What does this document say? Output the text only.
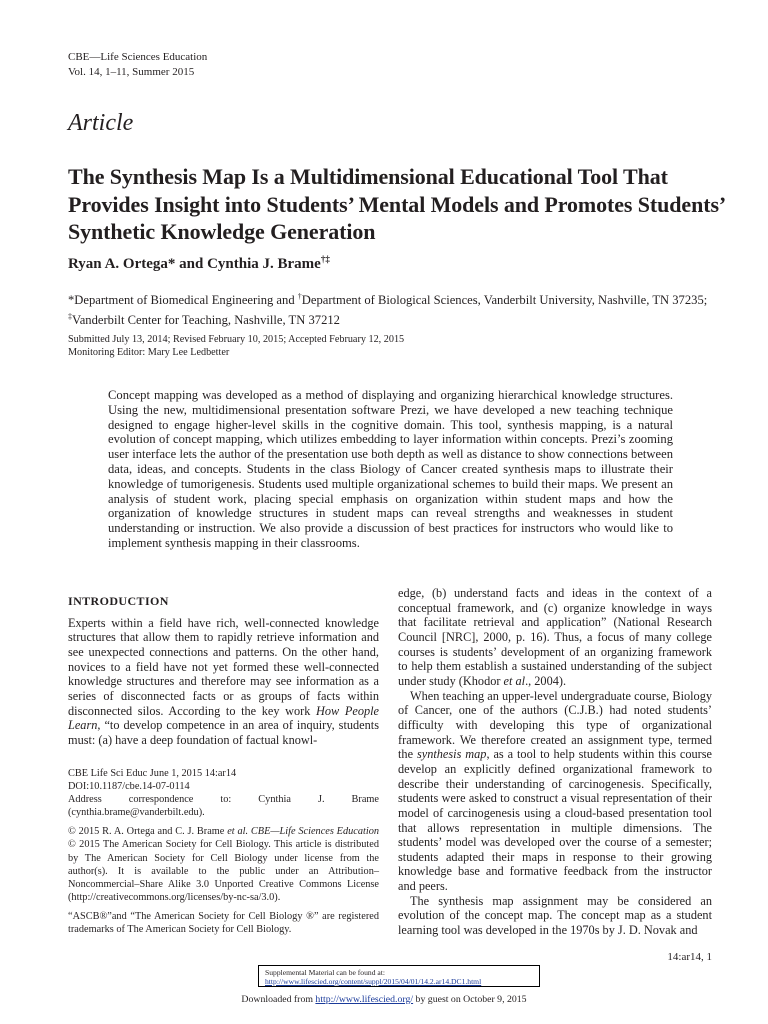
CBE—Life Sciences Education
Vol. 14, 1–11, Summer 2015
Article
The Synthesis Map Is a Multidimensional Educational Tool That Provides Insight into Students’ Mental Models and Promotes Students’ Synthetic Knowledge Generation
Ryan A. Ortega* and Cynthia J. Brame†‡
*Department of Biomedical Engineering and †Department of Biological Sciences, Vanderbilt University, Nashville, TN 37235; ‡Vanderbilt Center for Teaching, Nashville, TN 37212
Submitted July 13, 2014; Revised February 10, 2015; Accepted February 12, 2015
Monitoring Editor: Mary Lee Ledbetter
Concept mapping was developed as a method of displaying and organizing hierarchical knowledge structures. Using the new, multidimensional presentation software Prezi, we have developed a new teaching technique designed to engage higher-level skills in the cognitive domain. This tool, synthesis mapping, is a natural evolution of concept mapping, which utilizes embedding to layer information within concepts. Prezi’s zooming user interface lets the author of the presentation use both depth as well as distance to show connections between data, ideas, and concepts. Students in the class Biology of Cancer created synthesis maps to illustrate their knowledge of tumorigenesis. Students used multiple organizational schemes to build their maps. We present an analysis of student work, placing special emphasis on organization within student maps and how the organization of knowledge structures in student maps can reveal strengths and weaknesses in student understanding or instruction. We also provide a discussion of best practices for instructors who would like to implement synthesis mapping in their classrooms.

INTRODUCTION

Experts within a field have rich, well-connected knowledge structures that allow them to rapidly retrieve information and see unexpected connections and patterns. On the other hand, novices to a field have not yet formed these well-connected knowledge structures and therefore may see information as a series of disconnected facts or as groups of facts within disconnected silos. According to the key work How People Learn, “to develop competence in an area of inquiry, students must: (a) have a deep foundation of factual knowl-

edge, (b) understand facts and ideas in the context of a conceptual framework, and (c) organize knowledge in ways that facilitate retrieval and application” (National Research Council [NRC], 2000, p. 16). Thus, a focus of many college courses is students’ development of an organizing framework to help them establish a sustained understanding of the subject under study (Khodor et al., 2004).

When teaching an upper-level undergraduate course, Biology of Cancer, one of the authors (C.J.B.) had noted students’ difficulty with developing this type of organizational framework. We therefore created an assignment type, termed the synthesis map, as a tool to help students within this course develop an explicitly defined organizational framework to describe their understanding of carcinogenesis. Specifically, students were asked to construct a visual representation of their model of carcinogenesis using a cloud-based presentation tool that allows representation in multiple dimensions. The students’ model was developed over the course of a semester; students adapted their maps in response to their growing knowledge base and formative feedback from the instructor and peers.

The synthesis map assignment may be considered an evolution of the concept map. The concept map as a student learning tool was developed in the 1970s by J. D. Novak and

CBE Life Sci Educ June 1, 2015 14:ar14
DOI:10.1187/cbe.14-07-0114
Address correspondence to: Cynthia J. Brame (cynthia.brame@vanderbilt.edu).

© 2015 R. A. Ortega and C. J. Brame et al. CBE—Life Sciences Education © 2015 The American Society for Cell Biology. This article is distributed by The American Society for Cell Biology under license from the author(s). It is available to the public under an Attribution–Noncommercial–Share Alike 3.0 Unported Creative Commons License (http://creativecommons.org/licenses/by-nc-sa/3.0).

“ASCB®”and “The American Society for Cell Biology ®” are registered trademarks of The American Society for Cell Biology.

14:ar14, 1
Supplemental Material can be found at:
http://www.lifescied.org/content/suppl/2015/04/01/14.2.ar14.DC1.html
Downloaded from http://www.lifescied.org/ by guest on October 9, 2015
